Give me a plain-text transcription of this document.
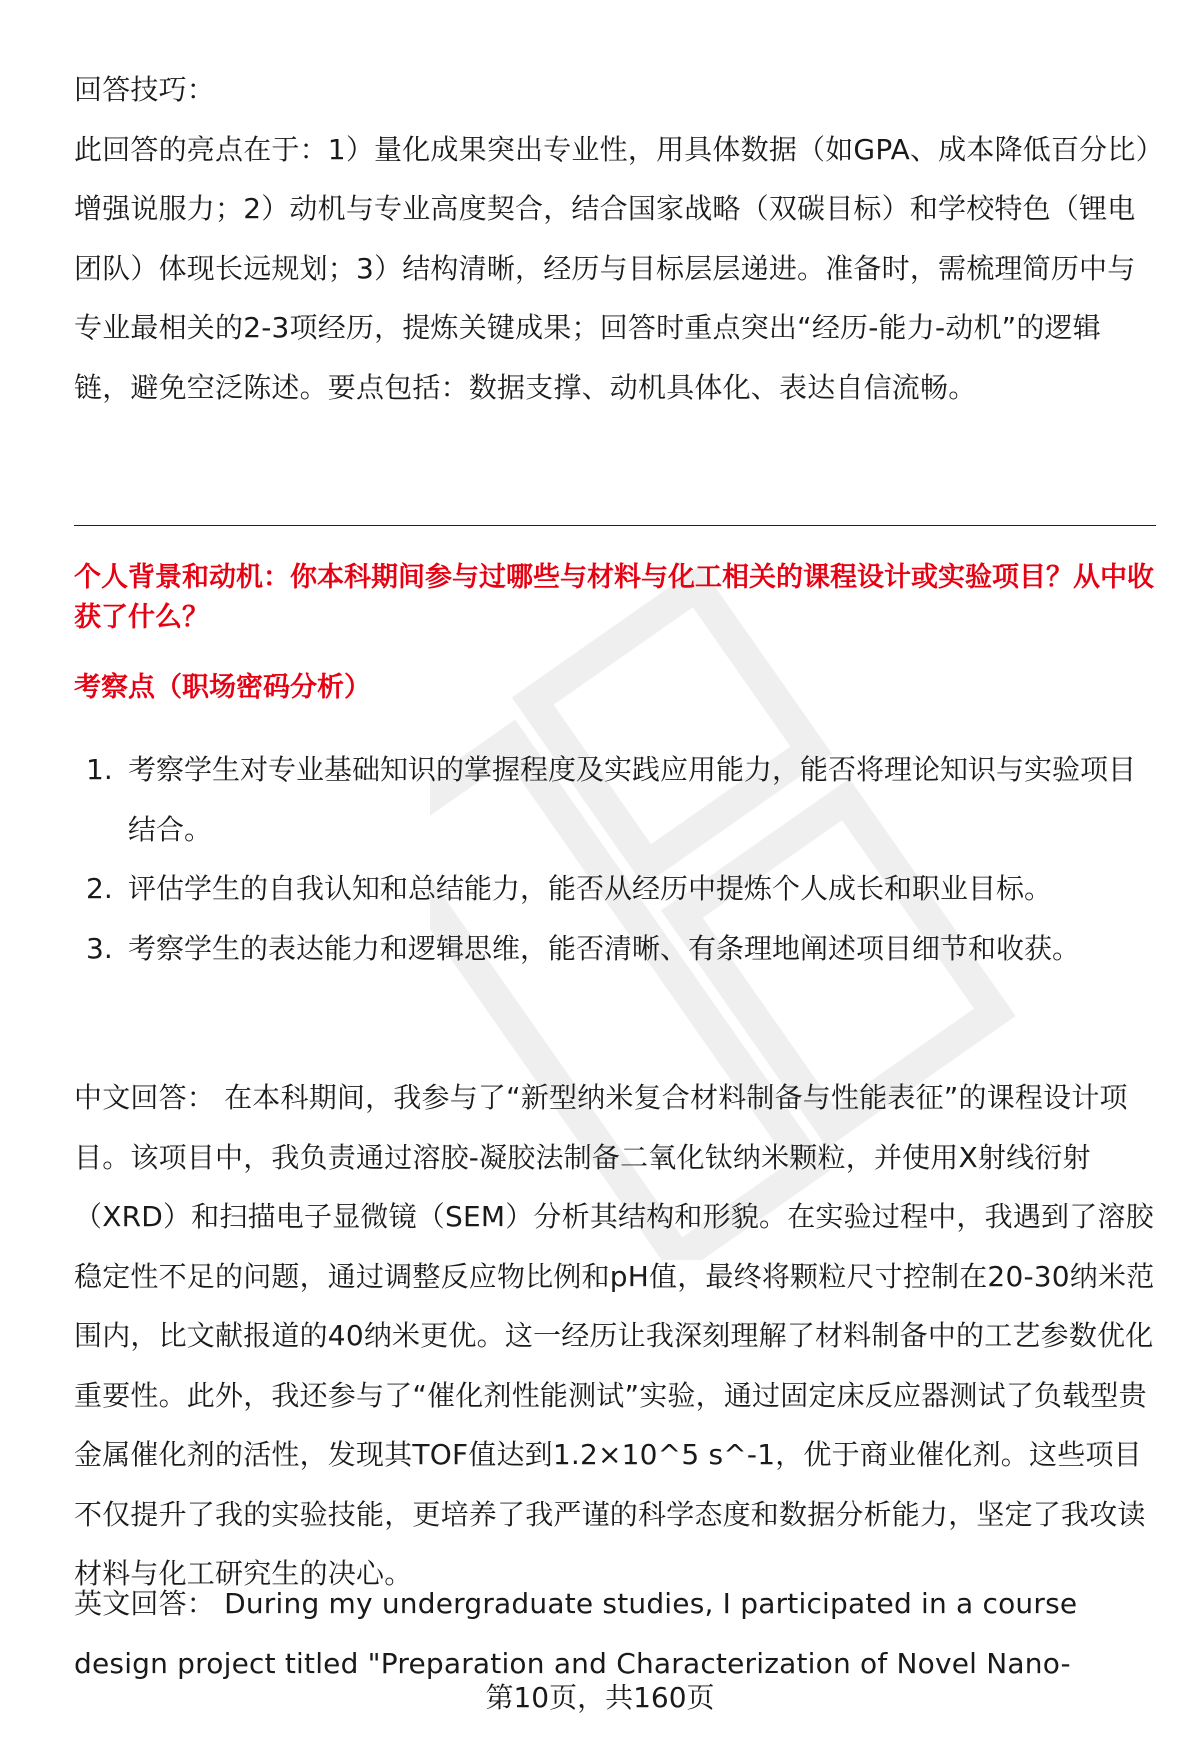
回答技巧：

此回答的亮点在于：1）量化成果突出专业性，用具体数据（如GPA、成本降低百分比）增强说服力；2）动机与专业高度契合，结合国家战略（双碳目标）和学校特色（锂电团队）体现长远规划；3）结构清晰，经历与目标层层递进。准备时，需梳理简历中与专业最相关的2-3项经历，提炼关键成果；回答时重点突出“经历-能力-动机”的逻辑链，避免空泛陈述。要点包括：数据支撑、动机具体化、表达自信流畅。

个人背景和动机：你本科期间参与过哪些与材料与化工相关的课程设计或实验项目？从中收获了什么？

考察点（职场密码分析）

1. 考察学生对专业基础知识的掌握程度及实践应用能力，能否将理论知识与实验项目结合。
2. 评估学生的自我认知和总结能力，能否从经历中提炼个人成长和职业目标。
3. 考察学生的表达能力和逻辑思维，能否清晰、有条理地阐述项目细节和收获。

中文回答： 在本科期间，我参与了“新型纳米复合材料制备与性能表征”的课程设计项目。该项目中，我负责通过溶胶-凝胶法制备二氧化钛纳米颗粒，并使用X射线衍射（XRD）和扫描电子显微镜（SEM）分析其结构和形貌。在实验过程中，我遇到了溶胶稳定性不足的问题，通过调整反应物比例和pH值，最终将颗粒尺寸控制在20-30纳米范围内，比文献报道的40纳米更优。这一经历让我深刻理解了材料制备中的工艺参数优化重要性。此外，我还参与了“催化剂性能测试”实验，通过固定床反应器测试了负载型贵金属催化剂的活性，发现其TOF值达到1.2×10^5 s^-1，优于商业催化剂。这些项目不仅提升了我的实验技能，更培养了我严谨的科学态度和数据分析能力，坚定了我攻读材料与化工研究生的决心。

英文回答： During my undergraduate studies, I participated in a course design project titled "Preparation and Characterization of Novel Nano-

第10页，共160页
